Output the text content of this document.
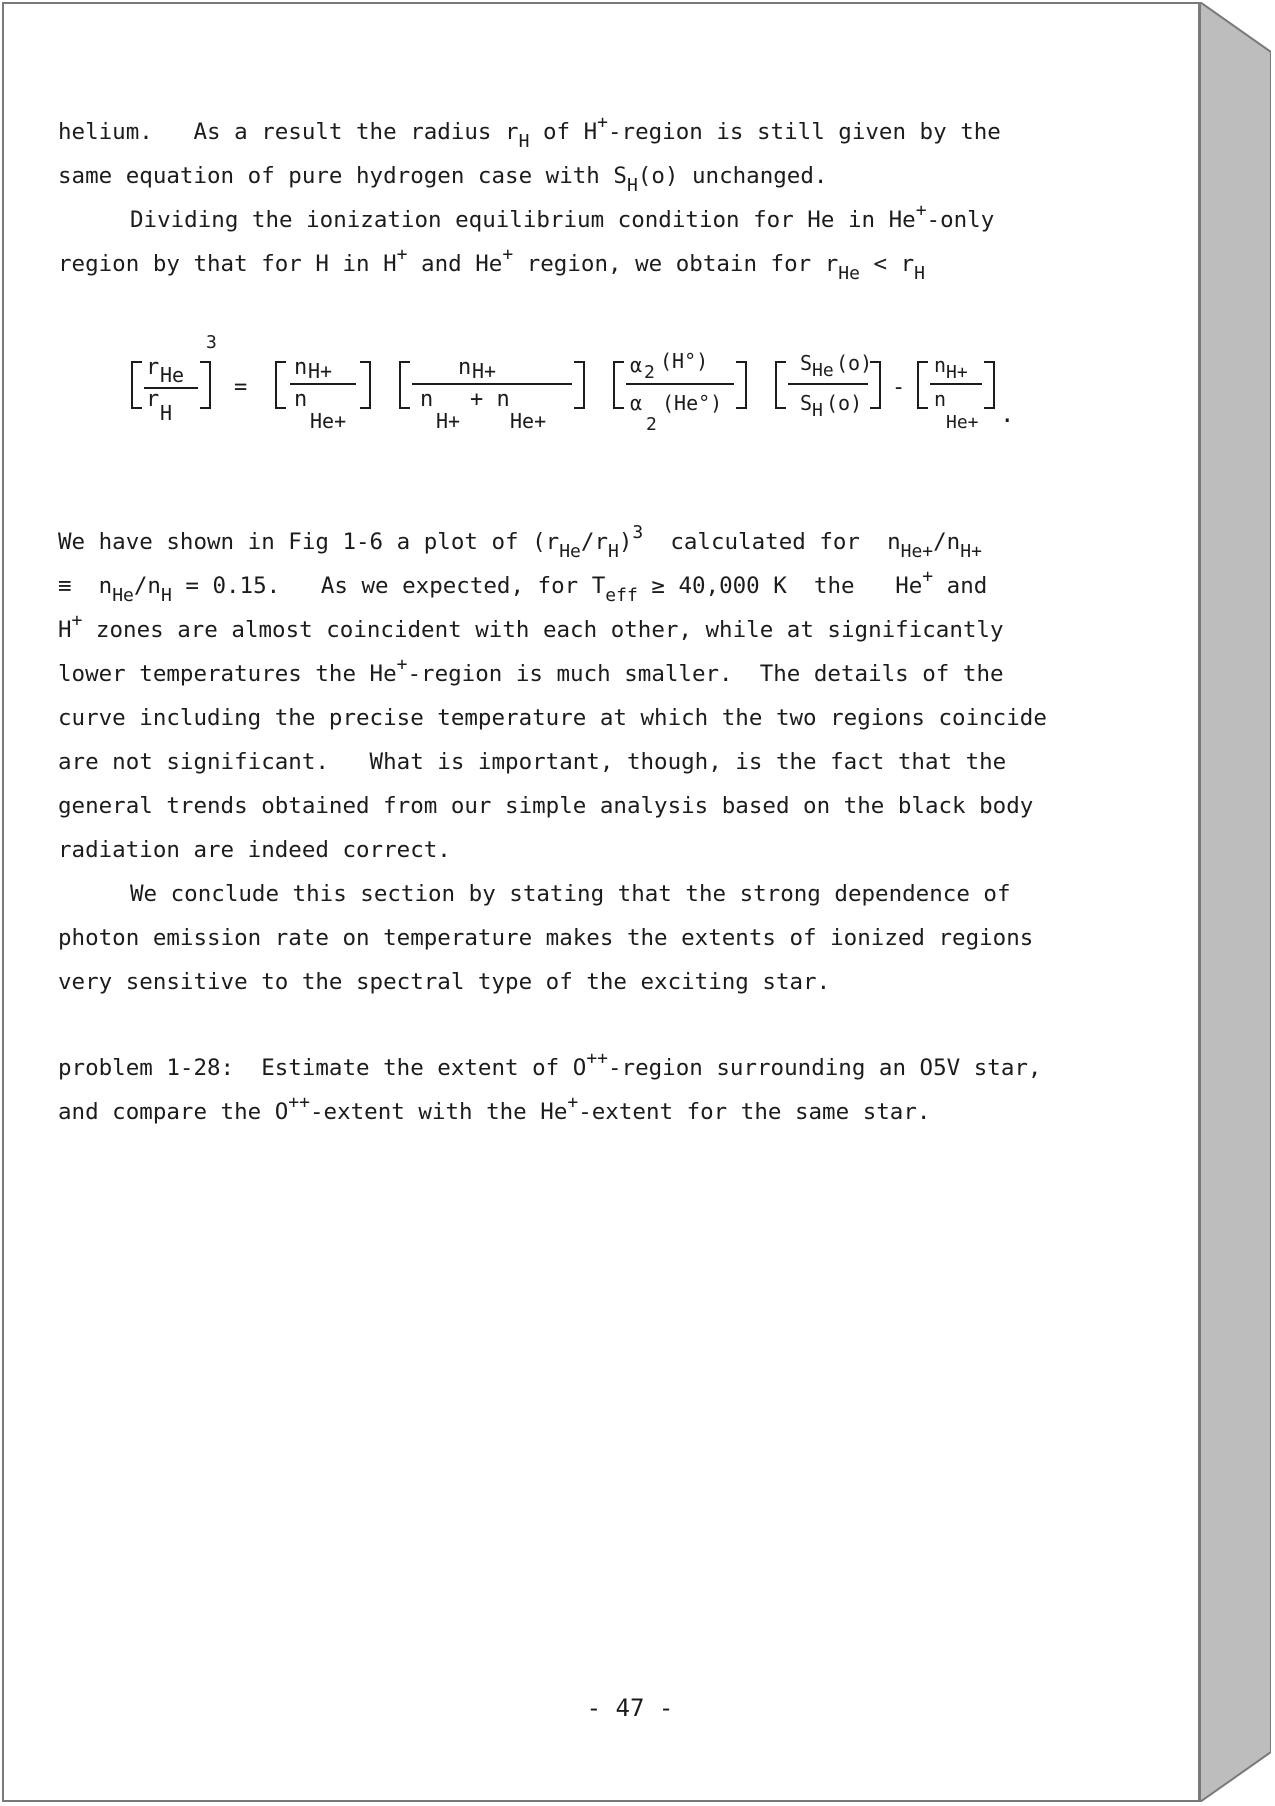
helium.   As a result the radius $r_H$ of H+-region is still given by the
same equation of pure hydrogen case with $S_H(o)$ unchanged.
Dividing the ionization equilibrium condition for He in He+-only
region by that for H in H+ and He+ region, we obtain for $r_{He} < r_H$
r He
r
H
3
=
n H+
n
He+
n H+
n
H+
+ n
He+
α 2 (H°)
α
2
(He°)
S He (o)
S H (o)
-
n H+
n
He+ .
We have shown in Fig 1-6 a plot of $(r_{He}/r_H)^3$  calculated for  $n_{He+}/n_{H+}$
≡  $n_{He}/n_H = 0.15$.   As we expected, for $T_{eff} \ge 40,000$ K  the   He+ and
H+ zones are almost coincident with each other, while at significantly
lower temperatures the He+-region is much smaller.  The details of the
curve including the precise temperature at which the two regions coincide
are not significant.   What is important, though, is the fact that the
general trends obtained from our simple analysis based on the black body
radiation are indeed correct.
We conclude this section by stating that the strong dependence of
photon emission rate on temperature makes the extents of ionized regions
very sensitive to the spectral type of the exciting star.
problem 1-28:  Estimate the extent of O++-region surrounding an O5V star,
and compare the O++-extent with the He+-extent for the same star.
- 47 -
